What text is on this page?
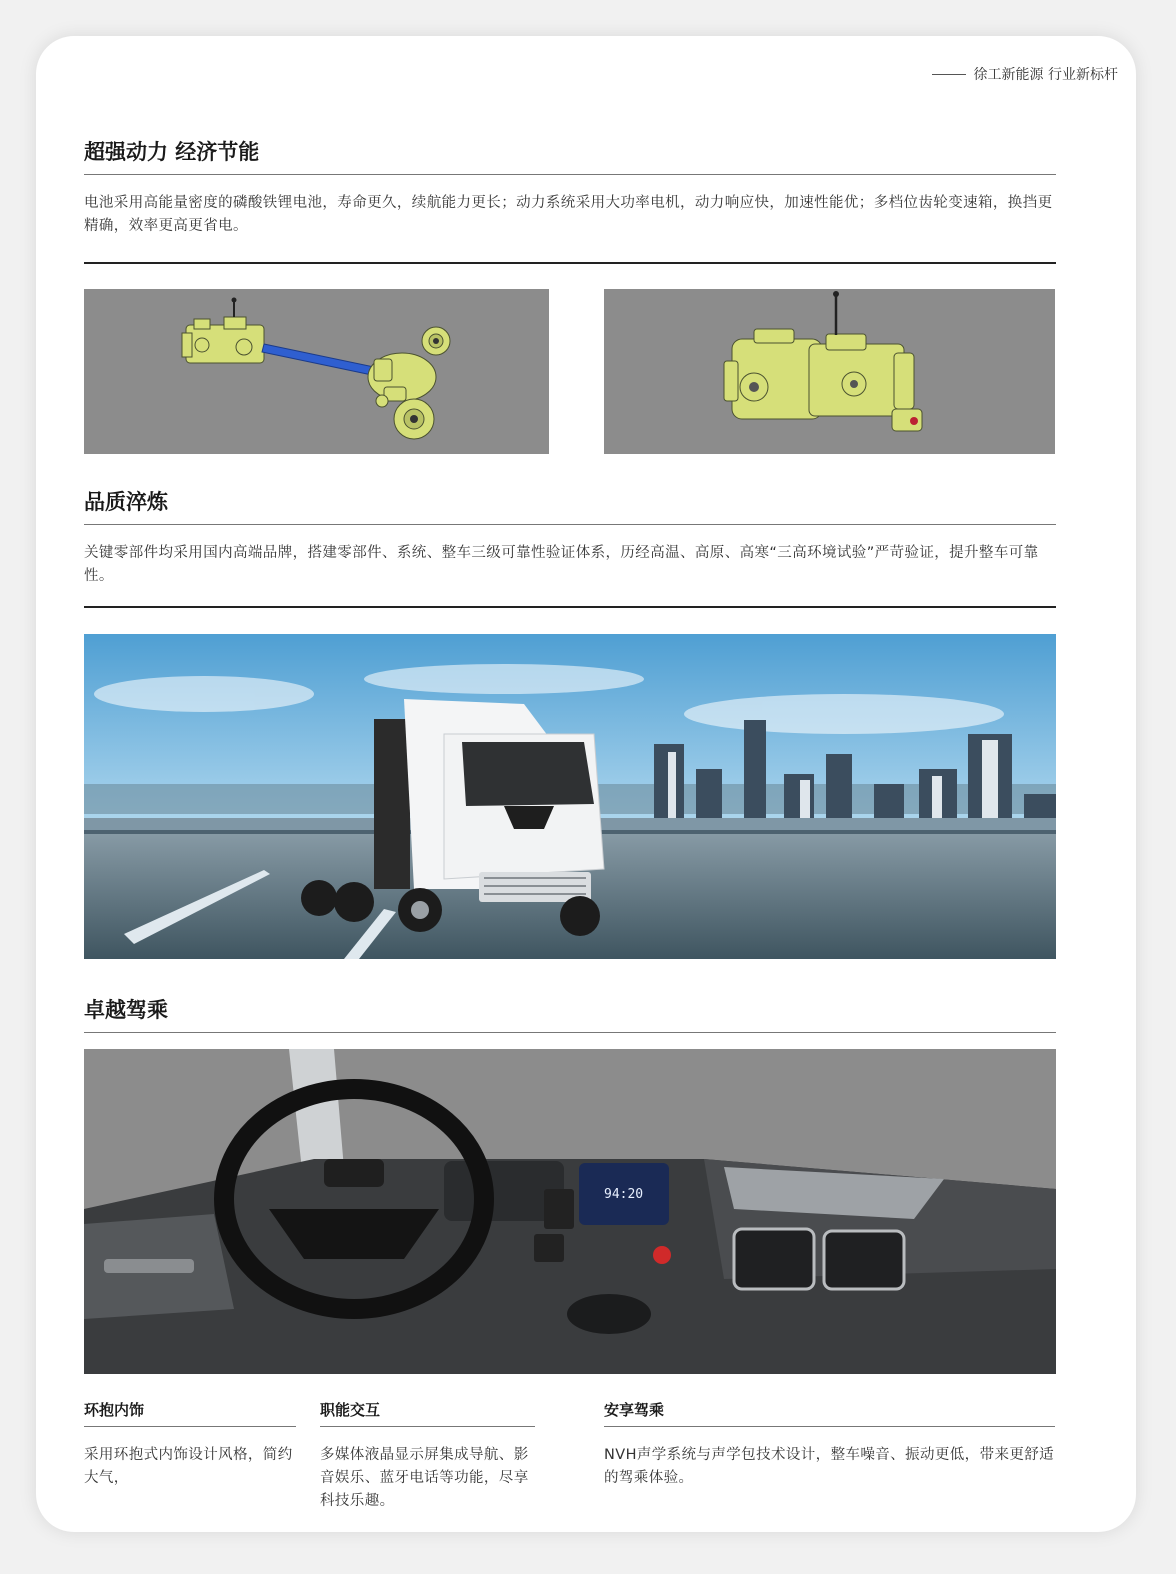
徐工新能源 行业新标杆
超强动力 经济节能
电池采用高能量密度的磷酸铁锂电池，寿命更久，续航能力更长；动力系统采用大功率电机，动力响应快，加速性能优；多档位齿轮变速箱，换挡更精确，效率更高更省电。
品质淬炼
关键零部件均采用国内高端品牌，搭建零部件、系统、整车三级可靠性验证体系，历经高温、高原、高寒“三高环境试验”严苛验证，提升整车可靠性。
卓越驾乘
94:20
环抱内饰
采用环抱式内饰设计风格，简约大气，
职能交互
多媒体液晶显示屏集成导航、影音娱乐、蓝牙电话等功能，尽享科技乐趣。
安享驾乘
NVH声学系统与声学包技术设计，整车噪音、振动更低，带来更舒适的驾乘体验。
